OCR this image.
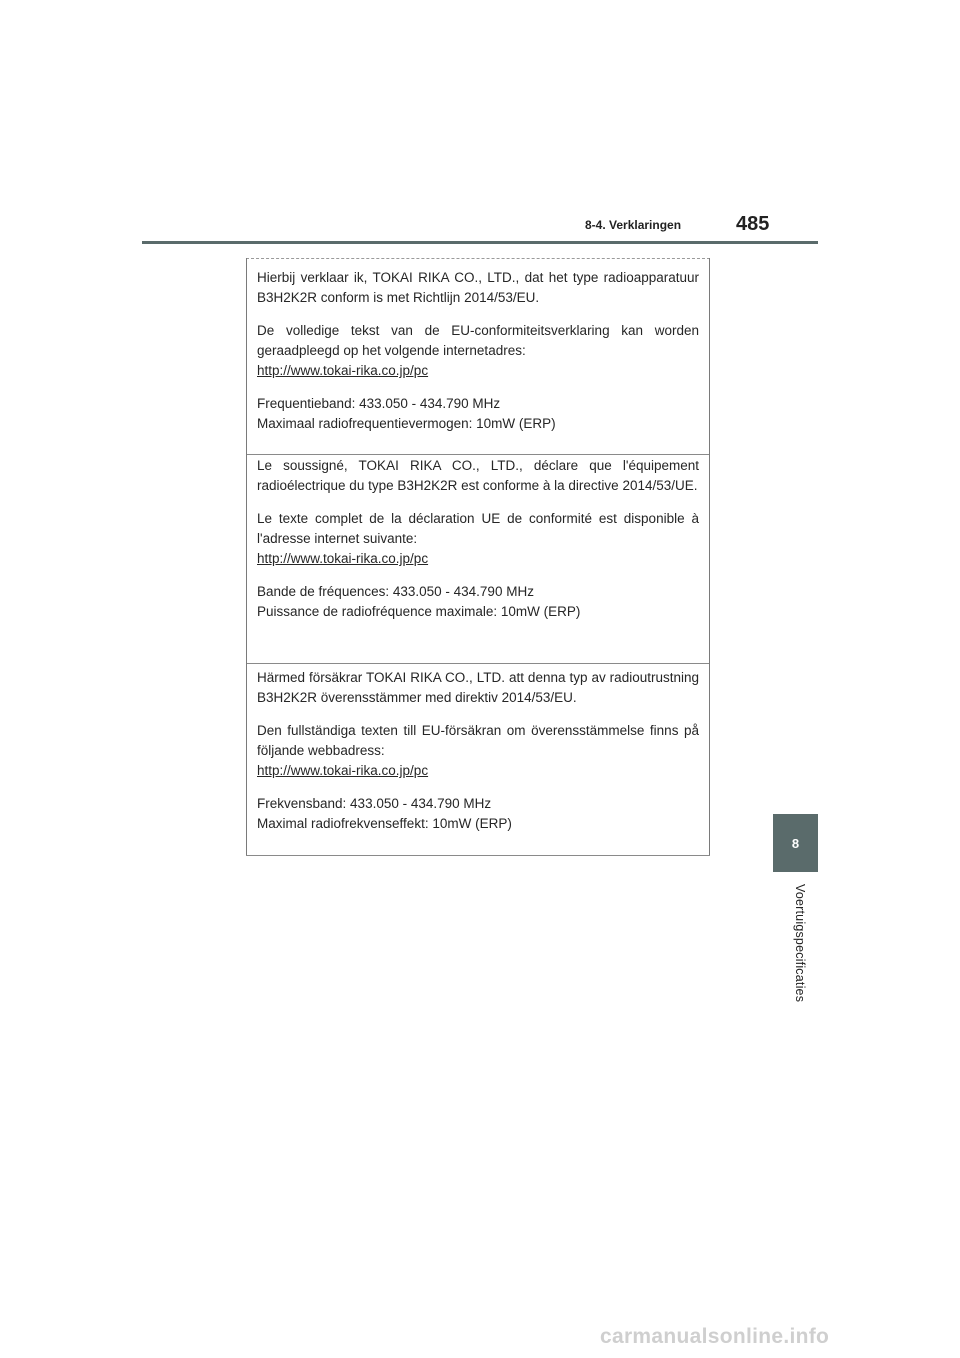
8-4. Verklaringen	485

Hierbij verklaar ik, TOKAI RIKA CO., LTD., dat het type radioapparatuur B3H2K2R conform is met Richtlijn 2014/53/EU.

De volledige tekst van de EU-conformiteitsverklaring kan worden geraadpleegd op het volgende internetadres:

http://www.tokai-rika.co.jp/pc

Frequentieband: 433.050 - 434.790 MHz

Maximaal radiofrequentievermogen: 10mW (ERP)

Le soussigné, TOKAI RIKA CO., LTD., déclare que l'équipement radioélectrique du type B3H2K2R est conforme à la directive 2014/53/UE.

Le texte complet de la déclaration UE de conformité est disponible à l'adresse internet suivante:

http://www.tokai-rika.co.jp/pc

Bande de fréquences: 433.050 - 434.790 MHz

Puissance de radiofréquence maximale: 10mW (ERP)

Härmed försäkrar TOKAI RIKA CO., LTD. att denna typ av radioutrustning B3H2K2R överensstämmer med direktiv 2014/53/EU.

Den fullständiga texten till EU-försäkran om överensstämmelse finns på följande webbadress:

http://www.tokai-rika.co.jp/pc

Frekvensband: 433.050 - 434.790 MHz

Maximal radiofrekvenseffekt: 10mW (ERP)

8
Voertuigspecificaties
carmanualsonline.info
